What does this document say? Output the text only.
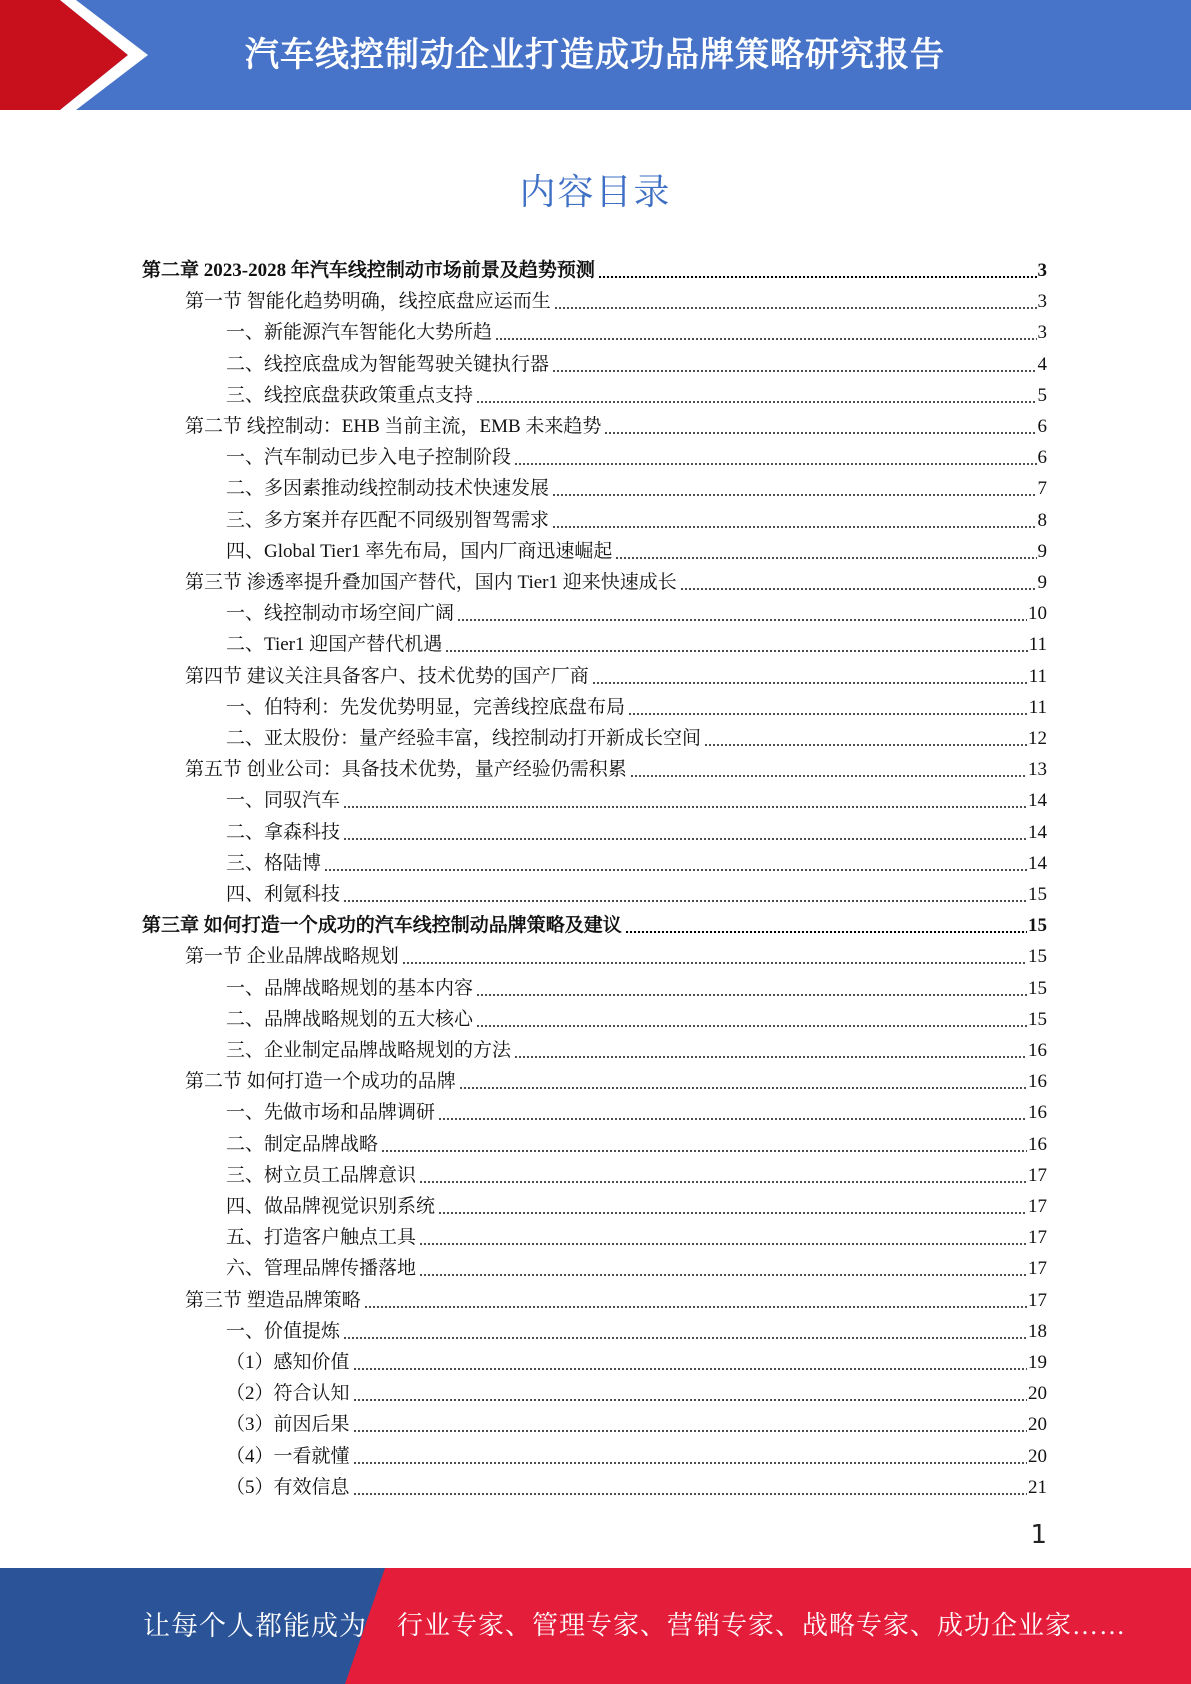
汽车线控制动企业打造成功品牌策略研究报告
内容目录
第二章 2023-2028 年汽车线控制动市场前景及趋势预测	3
第一节 智能化趋势明确，线控底盘应运而生	3
一、新能源汽车智能化大势所趋	3
二、线控底盘成为智能驾驶关键执行器	4
三、线控底盘获政策重点支持	5
第二节 线控制动：EHB 当前主流，EMB 未来趋势	6
一、汽车制动已步入电子控制阶段	6
二、多因素推动线控制动技术快速发展	7
三、多方案并存匹配不同级别智驾需求	8
四、Global Tier1 率先布局，国内厂商迅速崛起	9
第三节 渗透率提升叠加国产替代，国内 Tier1 迎来快速成长	9
一、线控制动市场空间广阔	10
二、Tier1 迎国产替代机遇	11
第四节 建议关注具备客户、技术优势的国产厂商	11
一、伯特利：先发优势明显，完善线控底盘布局	11
二、亚太股份：量产经验丰富，线控制动打开新成长空间	12
第五节 创业公司：具备技术优势，量产经验仍需积累	13
一、同驭汽车	14
二、拿森科技	14
三、格陆博	14
四、利氪科技	15
第三章 如何打造一个成功的汽车线控制动品牌策略及建议	15
第一节 企业品牌战略规划	15
一、品牌战略规划的基本内容	15
二、品牌战略规划的五大核心	15
三、企业制定品牌战略规划的方法	16
第二节 如何打造一个成功的品牌	16
一、先做市场和品牌调研	16
二、制定品牌战略	16
三、树立员工品牌意识	17
四、做品牌视觉识别系统	17
五、打造客户触点工具	17
六、管理品牌传播落地	17
第三节 塑造品牌策略	17
一、价值提炼	18
（1）感知价值	19
（2）符合认知	20
（3）前因后果	20
（4）一看就懂	20
（5）有效信息	21
1
让每个人都能成为 行业专家、管理专家、营销专家、战略专家、成功企业家……
